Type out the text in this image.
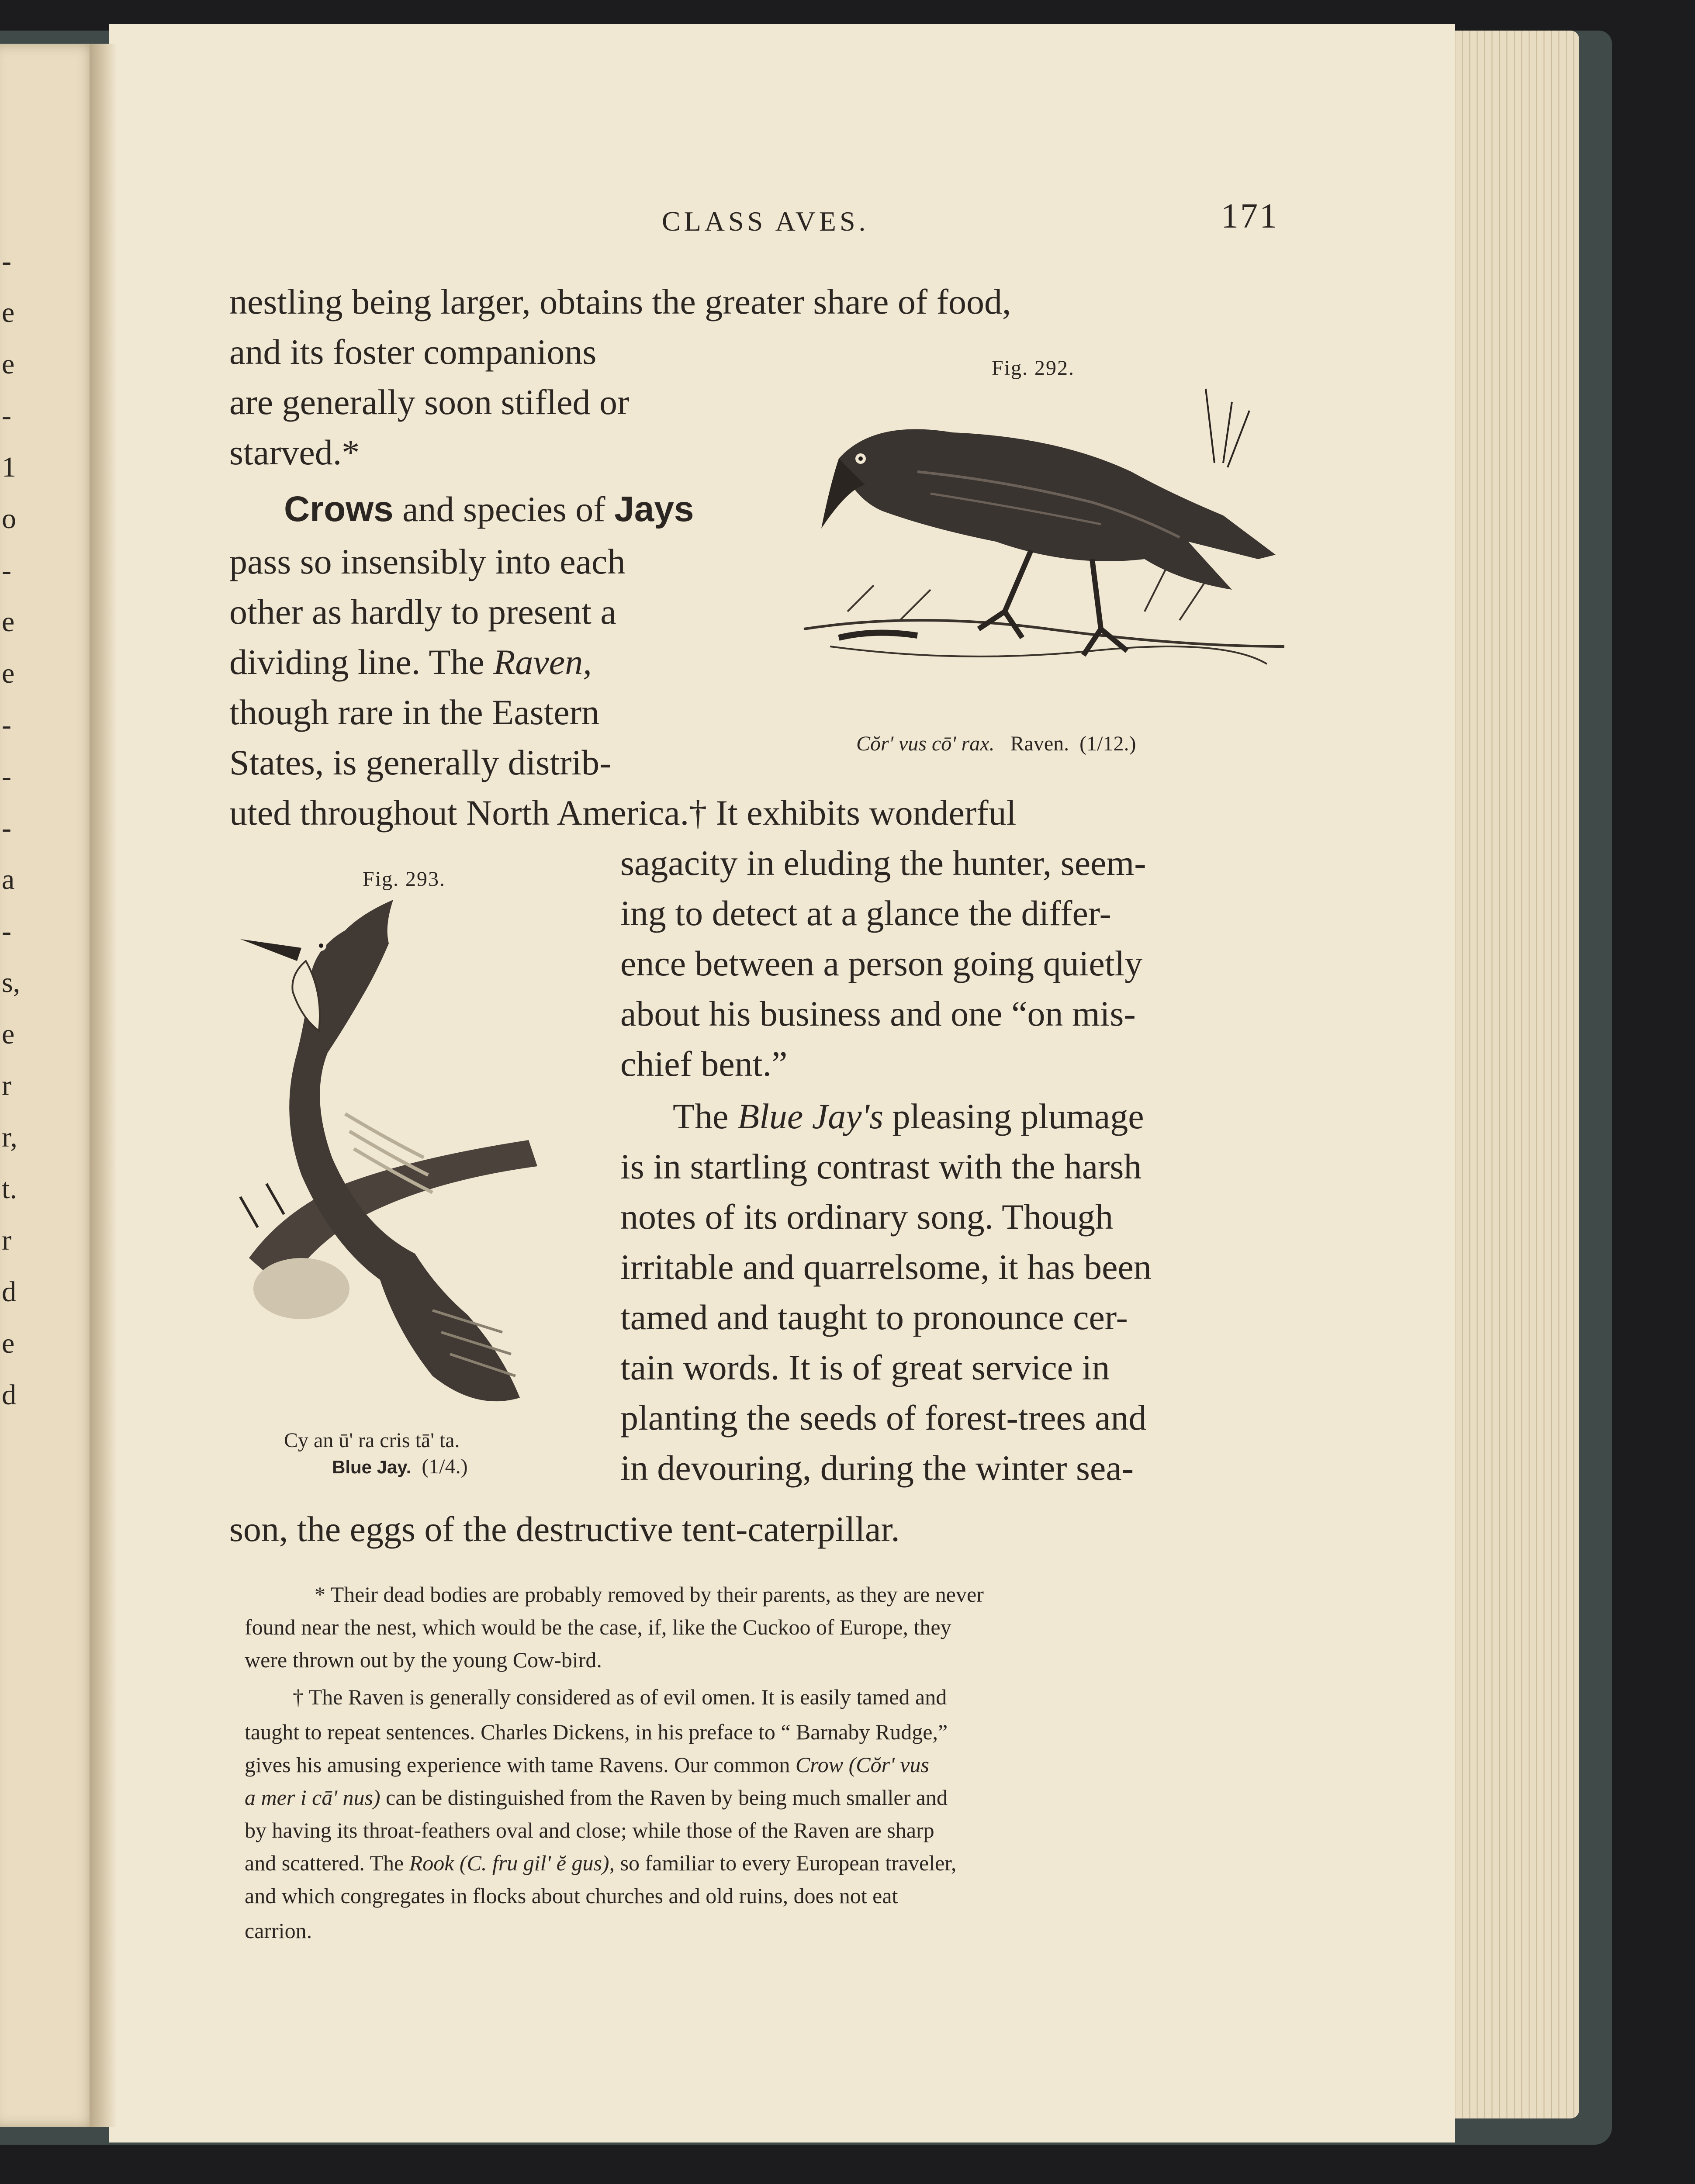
-
e
e
-
1
o
-
e
e
-
-
-
a
-
s,
e
r
r,
t.
r
d
e
d
CLASS AVES.	171
nestling being larger, obtains the greater share of food,
and its foster companions
are generally soon stifled or
starved.*
Crows and species of Jays
pass so insensibly into each
other as hardly to present a
dividing line. The Raven,
though rare in the Eastern
States, is generally distrib-
uted throughout North America.† It exhibits wonderful
sagacity in eluding the hunter, seem-
ing to detect at a glance the differ-
ence between a person going quietly
about his business and one “on mis-
chief bent.”
The Blue Jay's pleasing plumage
is in startling contrast with the harsh
notes of its ordinary song. Though
irritable and quarrelsome, it has been
tamed and taught to pronounce cer-
tain words. It is of great service in
planting the seeds of forest-trees and
in devouring, during the winter sea-
son, the eggs of the destructive tent-caterpillar.
Fig. 292.
Cŏr' vus cō' rax. Raven. (1/12.)
Fig. 293.
Cy an ū' ra cris tā' ta.
Blue Jay. (1/4.)
* Their dead bodies are probably removed by their parents, as they are never
found near the nest, which would be the case, if, like the Cuckoo of Europe, they
were thrown out by the young Cow-bird.
† The Raven is generally considered as of evil omen. It is easily tamed and
taught to repeat sentences. Charles Dickens, in his preface to “ Barnaby Rudge,”
gives his amusing experience with tame Ravens. Our common Crow (Cŏr' vus
a mer i cā' nus) can be distinguished from the Raven by being much smaller and
by having its throat-feathers oval and close; while those of the Raven are sharp
and scattered. The Rook (C. fru gil' ĕ gus), so familiar to every European traveler,
and which congregates in flocks about churches and old ruins, does not eat
carrion.
